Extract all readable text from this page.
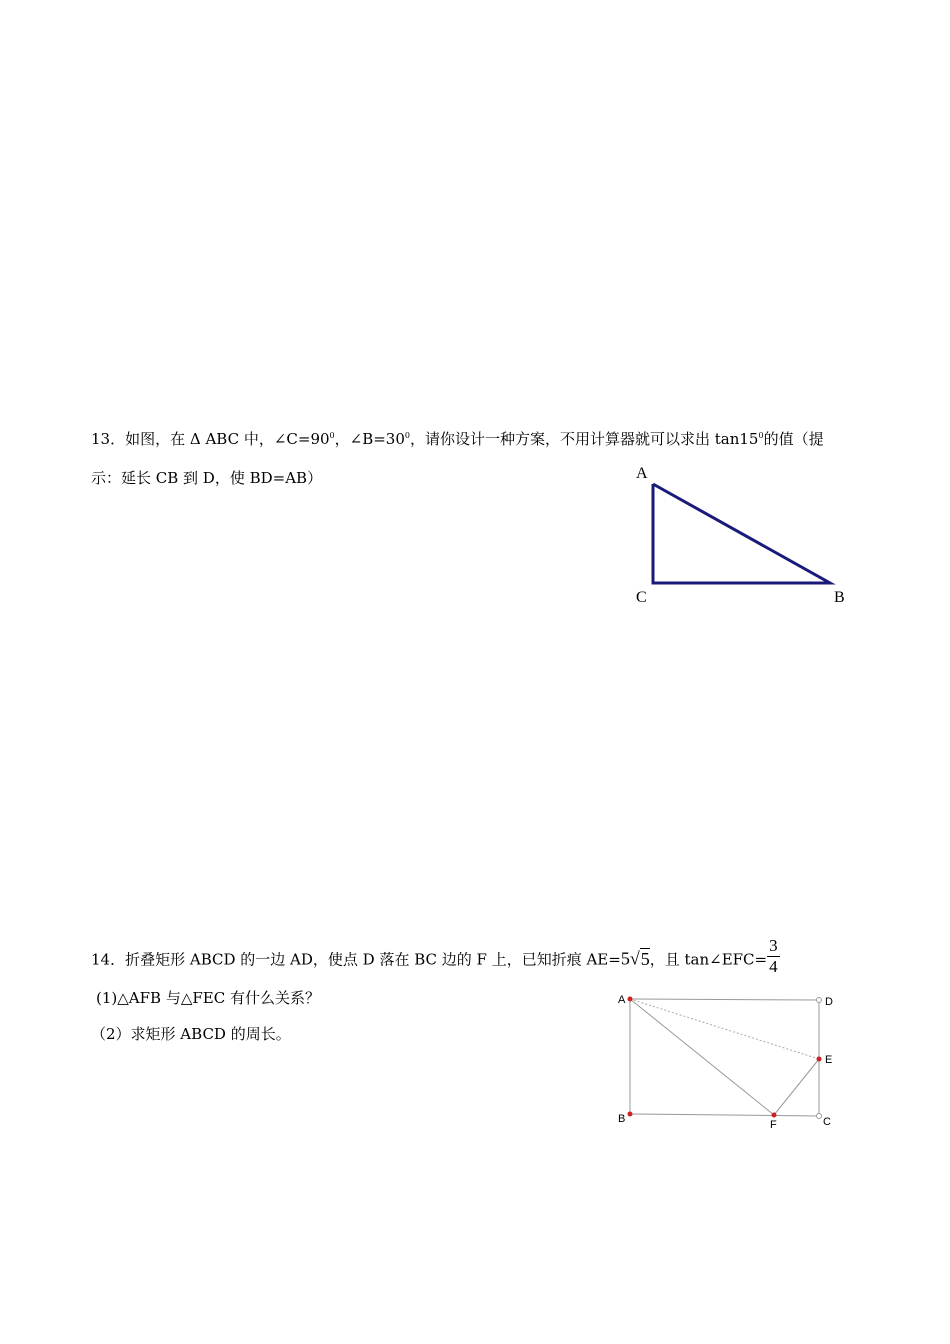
13．如图，在 Δ ABC 中，$\angle C=90^0$，$\angle B=30^0$，请你设计一种方案，不用计算器就可以求出 $\tan 15^0$的值（提
示：延长 CB 到 D，使 BD=AB）	A
C	B
14．折叠矩形 ABCD 的一边 AD，使点 D 落在 BC 边的 F 上，已知折痕 AE=5√5，且 tan∠EFC= $\frac{3}{4}$
(1)△AFB 与△FEC 有什么关系？
（2）求矩形 ABCD 的周长。
A	D
E
B	F	C
